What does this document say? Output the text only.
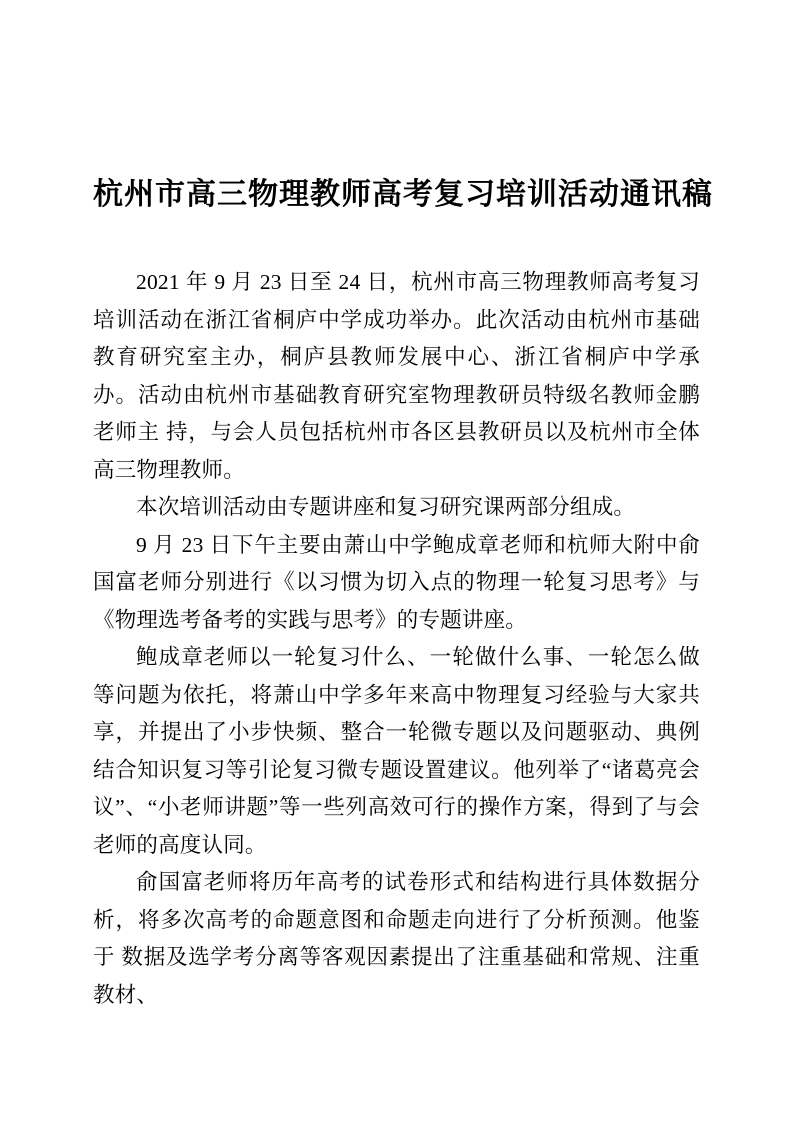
杭州市高三物理教师高考复习培训活动通讯稿

2021 年 9 月 23 日至 24 日，杭州市高三物理教师高考复习培训活动在浙江省桐庐中学成功举办。此次活动由杭州市基础教育研究室主办，桐庐县教师发展中心、浙江省桐庐中学承办。活动由杭州市基础教育研究室物理教研员特级名教师金鹏老师主 持，与会人员包括杭州市各区县教研员以及杭州市全体高三物理教师。

本次培训活动由专题讲座和复习研究课两部分组成。

9 月 23 日下午主要由萧山中学鲍成章老师和杭师大附中俞国富老师分别进行《以习惯为切入点的物理一轮复习思考》与《物理选考备考的实践与思考》的专题讲座。

鲍成章老师以一轮复习什么、一轮做什么事、一轮怎么做等问题为依托，将萧山中学多年来高中物理复习经验与大家共享，并提出了小步快频、整合一轮微专题以及问题驱动、典例结合知识复习等引论复习微专题设置建议。他列举了“诸葛亮会议”、“小老师讲题”等一些列高效可行的操作方案，得到了与会老师的高度认同。

俞国富老师将历年高考的试卷形式和结构进行具体数据分析，将多次高考的命题意图和命题走向进行了分析预测。他鉴于 数据及选学考分离等客观因素提出了注重基础和常规、注重教材、
